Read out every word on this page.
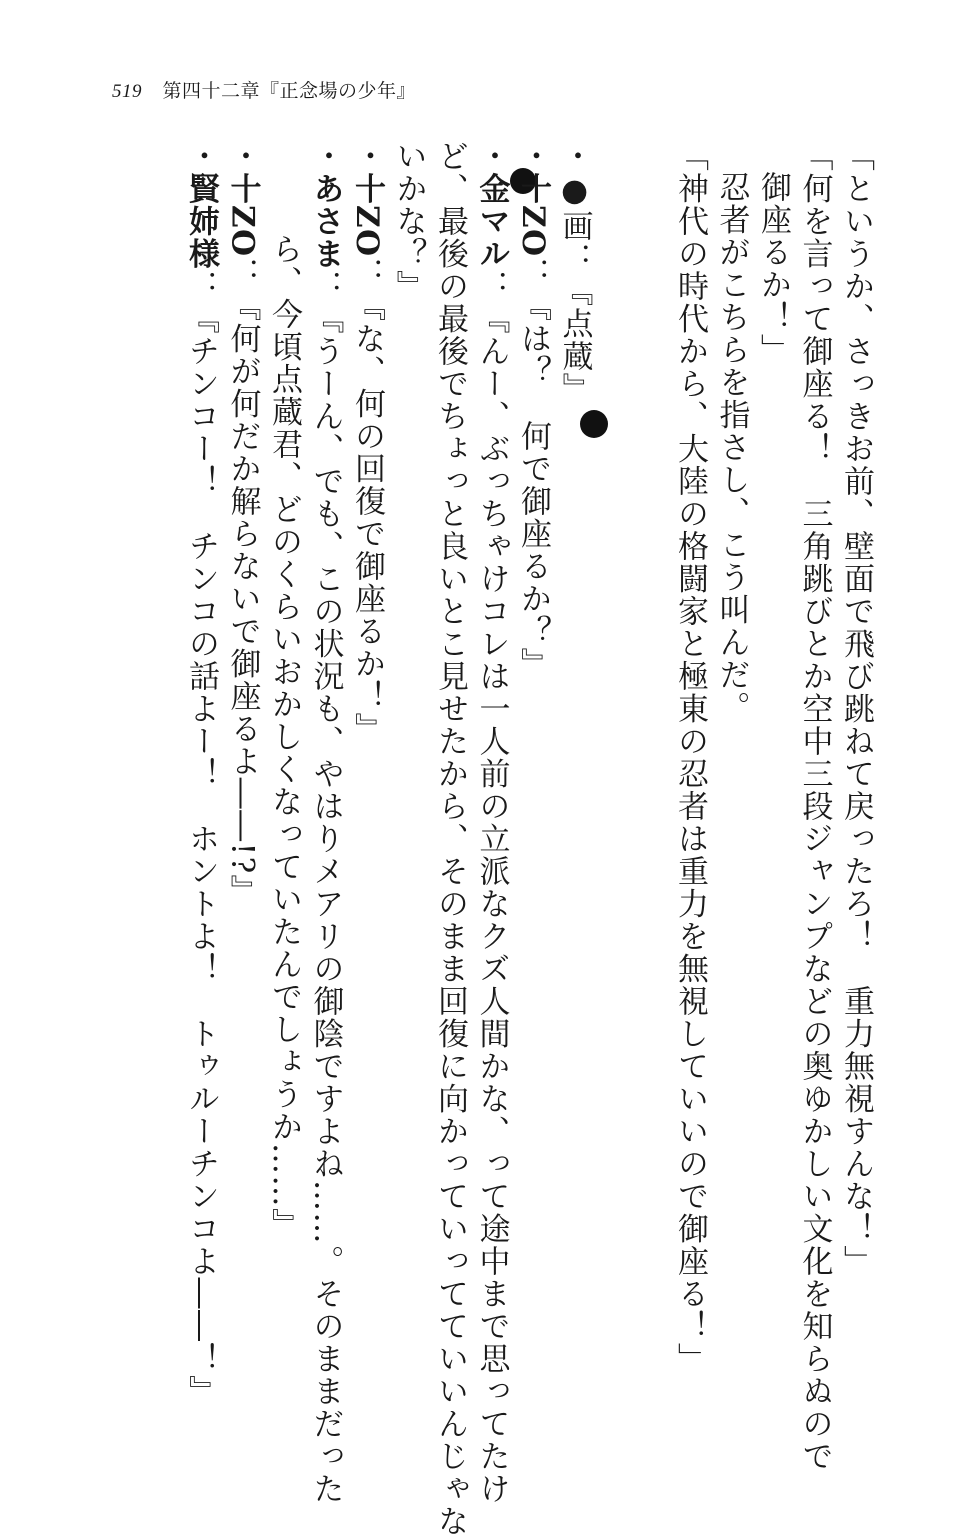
519 第四十二章『正念場の少年』
「というか、さっきお前、壁面で飛び跳ねて戻ったろ！　重力無視すんな！」
「何を言って御座る！　三角跳びとか空中三段ジャンプなどの奥ゆかしい文化を知らぬので
御座るか！」
忍者がこちらを指さし、こう叫んだ。
「神代の時代から、大陸の格闘家と極東の忍者は重力を無視していいので御座る！」
・●画：『点蔵』
・十ZO：『は？　何で御座るか？』
・金マル：『んー、ぶっちゃけコレは一人前の立派なクズ人間かな、って途中まで思ってたけ
ど、最後の最後でちょっと良いとこ見せたから、そのまま回復に向かっていってていいんじゃな
いかな？』
・十ZO：『な、何の回復で御座るか！』
・あさま：『うーん、でも、この状況も、やはりメアリの御陰ですよね……。そのままだった
ら、今頃点蔵君、どのくらいおかしくなっていたんでしょうか……』
・十ZO：『何が何だか解らないで御座るよ――!?』
・賢姉様：『チンコー！　チンコの話よー！　ホントよ！　トゥルーチンコよ――！』
